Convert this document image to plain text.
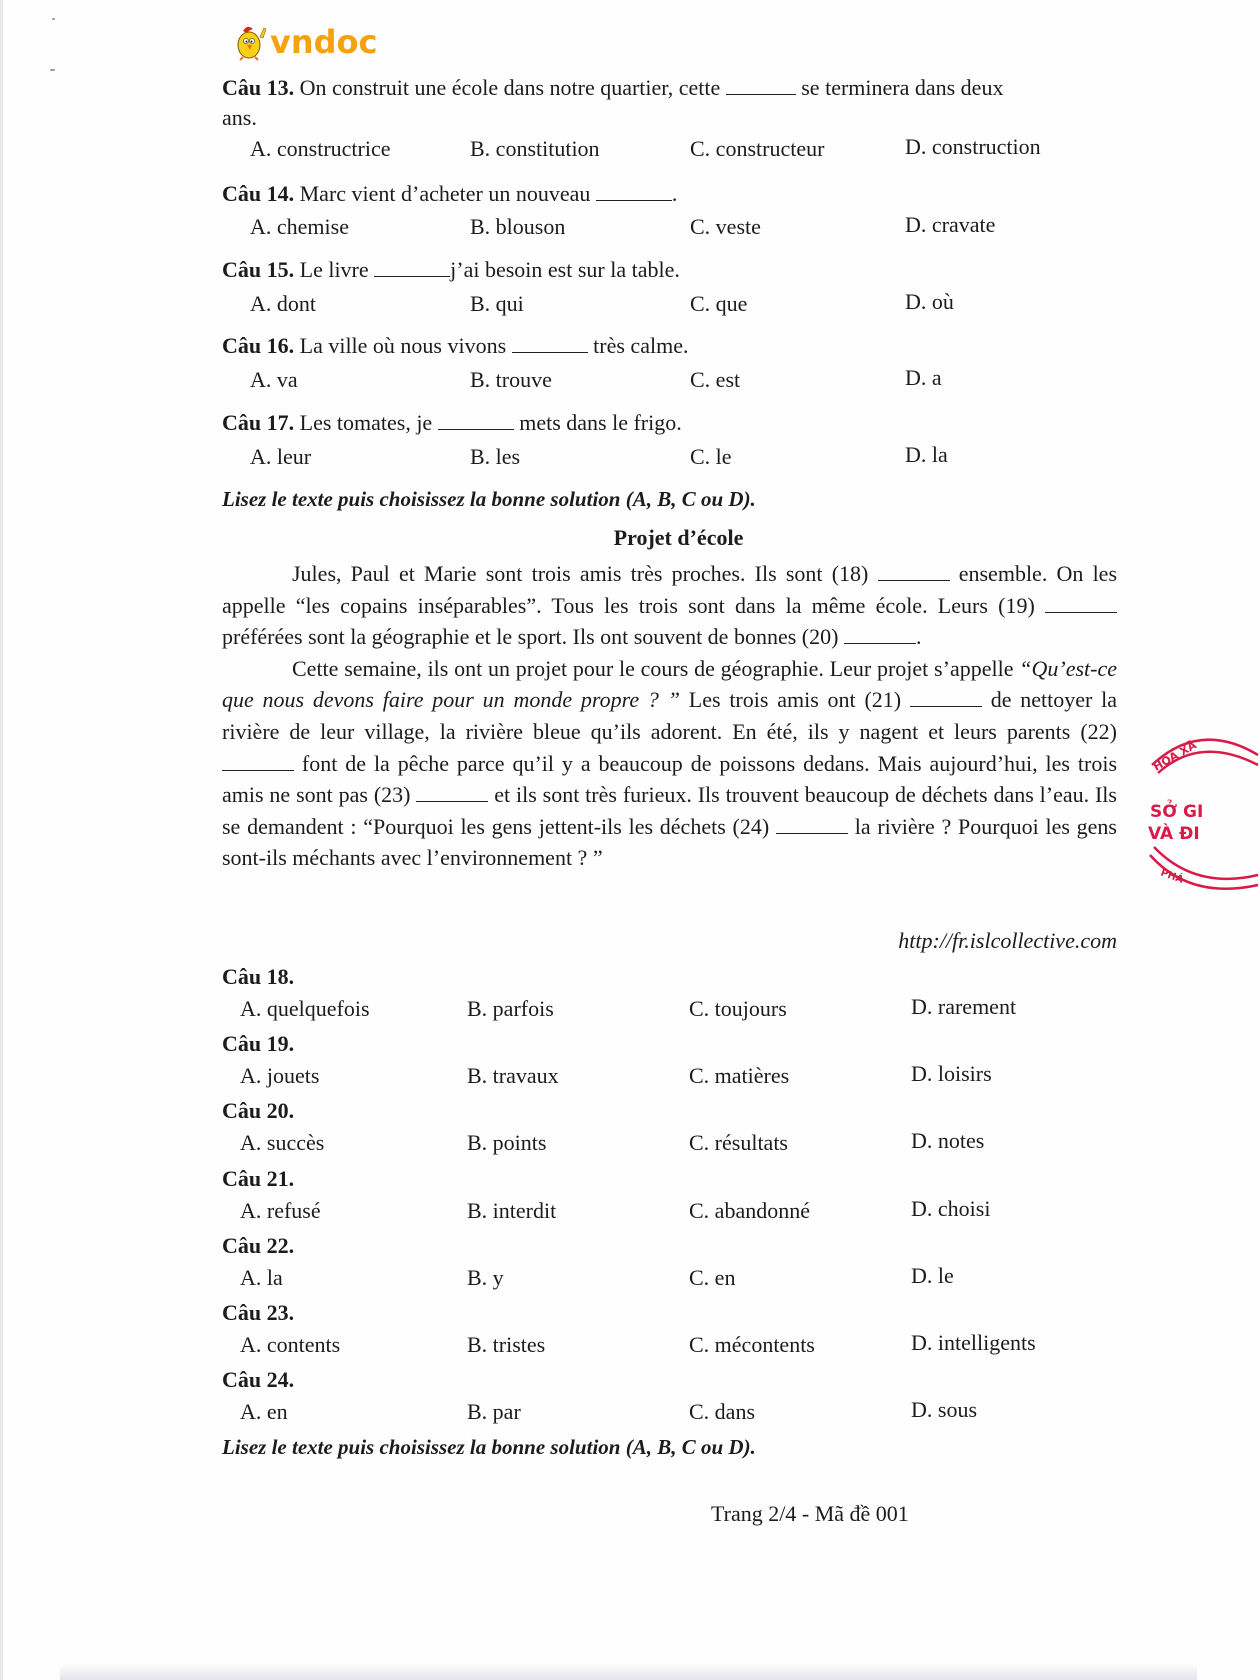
vndoc
Câu 13. On construit une école dans notre quartier, cette	se terminera dans deux
ans.
A. constructrice	B. constitution	C. constructeur	D. construction
Câu 14. Marc vient d’acheter un nouveau	.
A. chemise	B. blouson	C. veste	D. cravate
Câu 15. Le livre	j’ai besoin est sur la table.
A. dont	B. qui	C. que	D. où
Câu 16. La ville où nous vivons	très calme.
A. va	B. trouve	C. est	D. a
Câu 17. Les tomates, je	mets dans le frigo.
A. leur	B. les	C. le	D. la
Lisez le texte puis choisissez la bonne solution (A, B, C ou D).
Projet d’école

Jules, Paul et Marie sont trois amis très proches. Ils sont (18)	ensemble. On les appelle “les copains inséparables”. Tous les trois sont dans la même école. Leurs (19)  préférées sont la géographie et le sport. Ils ont souvent de bonnes (20)	.

Cette semaine, ils ont un projet pour le cours de géographie. Leur projet s’appelle “Qu’est-ce que nous devons faire pour un monde propre ? ” Les trois amis ont (21)	de nettoyer la rivière de leur village, la rivière bleue qu’ils adorent. En été, ils y nagent et leurs parents (22)  font de la pêche parce qu’il y a beaucoup de poissons dedans. Mais aujourd’hui, les trois amis ne sont pas (23)	et ils sont très furieux. Ils trouvent beaucoup de déchets dans l’eau. Ils se demandent : “Pourquoi les gens jettent-ils les déchets (24)	la rivière ? Pourquoi les gens sont-ils méchants avec l’environnement ? ”

http://fr.islcollective.com
Câu 18.
A. quelquefois	B. parfois	C. toujours	D. rarement
Câu 19.
A. jouets	B. travaux	C. matières	D. loisirs
Câu 20.
A. succès	B. points	C. résultats	D. notes
Câu 21.
A. refusé	B. interdit	C. abandonné	D. choisi
Câu 22.
A. la	B. y	C. en	D. le
Câu 23.
A. contents	B. tristes	C. mécontents	D. intelligents
Câu 24.
A. en	B. par	C. dans	D. sous
Lisez le texte puis choisissez la bonne solution (A, B, C ou D).
Trang 2/4 - Mã đề 001
HÒA XÃ
SỞ GI
VÀ ĐI
PHÁ
